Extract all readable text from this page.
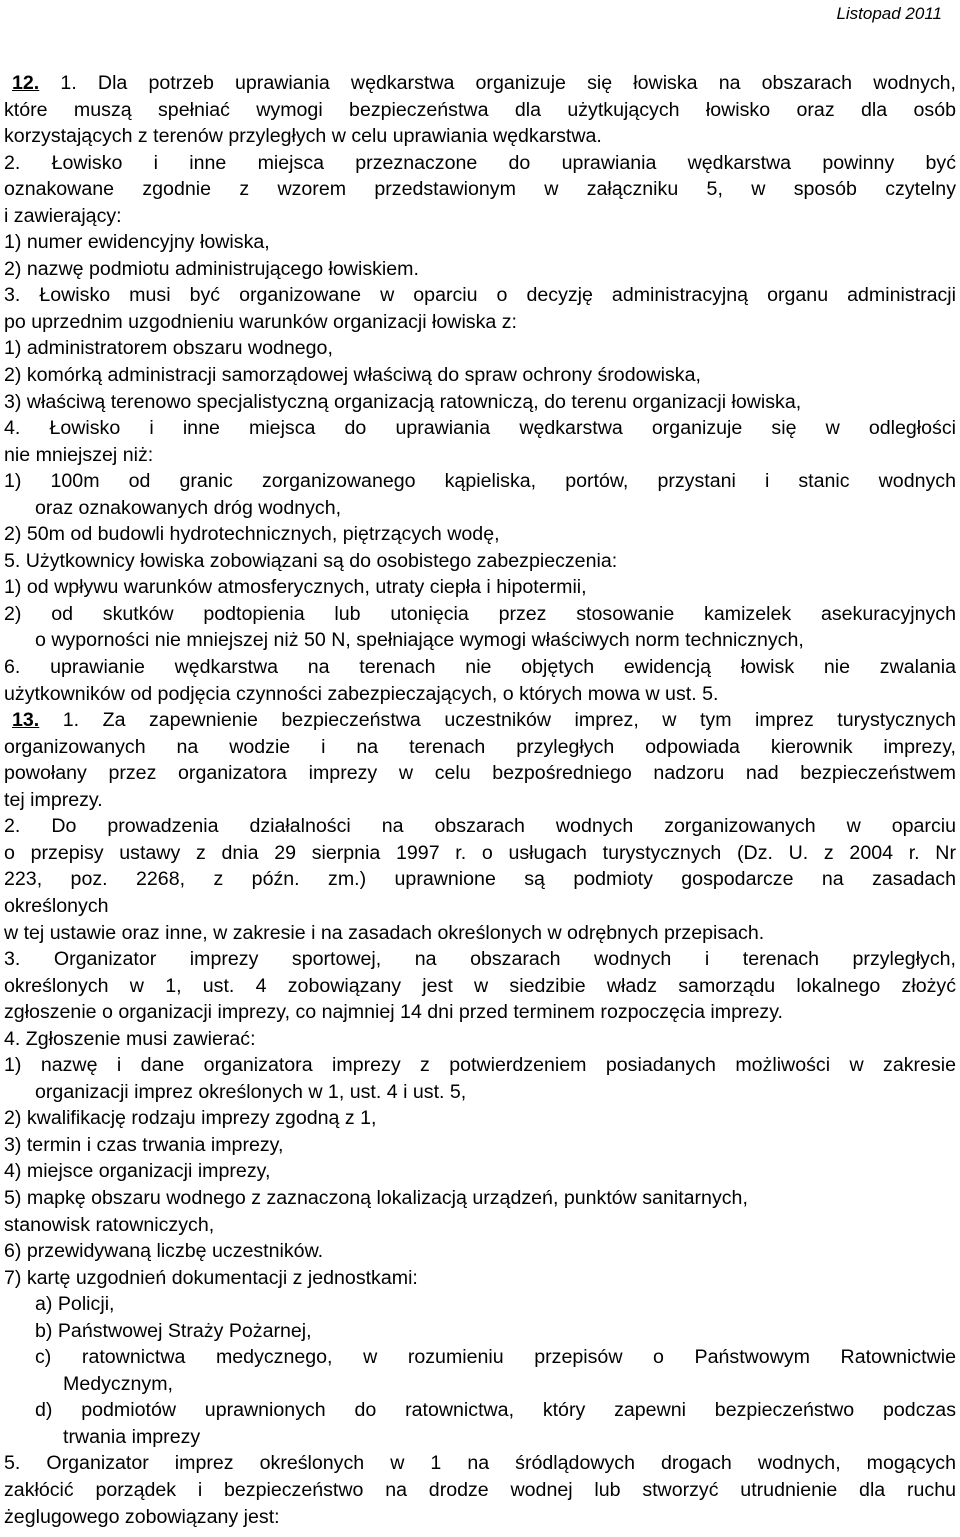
Listopad 2011
12. 1. Dla potrzeb uprawiania wędkarstwa organizuje się łowiska na obszarach wodnych,
które muszą spełniać wymogi bezpieczeństwa dla użytkujących łowisko oraz dla osób
korzystających z terenów przyległych w celu uprawiania wędkarstwa.
2. Łowisko i inne miejsca przeznaczone do uprawiania wędkarstwa powinny być
oznakowane zgodnie z wzorem przedstawionym w załączniku 5, w sposób czytelny
i zawierający:
1) numer ewidencyjny łowiska,
2) nazwę podmiotu administrującego łowiskiem.
3. Łowisko musi być organizowane w oparciu o decyzję administracyjną organu administracji
po uprzednim uzgodnieniu warunków organizacji łowiska z:
1) administratorem obszaru wodnego,
2) komórką administracji samorządowej właściwą do spraw ochrony środowiska,
3) właściwą terenowo specjalistyczną organizacją ratowniczą, do terenu organizacji łowiska,
4. Łowisko i inne miejsca do uprawiania wędkarstwa organizuje się w odległości
nie mniejszej niż:
1) 100m od granic zorganizowanego kąpieliska, portów, przystani i stanic wodnych
oraz oznakowanych dróg wodnych,
2) 50m od budowli hydrotechnicznych, piętrzących wodę,
5. Użytkownicy łowiska zobowiązani są do osobistego zabezpieczenia:
1) od wpływu warunków atmosferycznych, utraty ciepła i hipotermii,
2) od skutków podtopienia lub utonięcia przez stosowanie kamizelek asekuracyjnych
o wyporności nie mniejszej niż 50 N, spełniające wymogi właściwych norm technicznych,
6. uprawianie wędkarstwa na terenach nie objętych ewidencją łowisk nie zwalania
użytkowników od podjęcia czynności zabezpieczających, o których mowa w ust. 5.
13. 1. Za zapewnienie bezpieczeństwa uczestników imprez, w tym imprez turystycznych
organizowanych na wodzie i na terenach przyległych odpowiada kierownik imprezy,
powołany przez organizatora imprezy w celu bezpośredniego nadzoru nad bezpieczeństwem
tej imprezy.
2. Do prowadzenia działalności na obszarach wodnych zorganizowanych w oparciu
o przepisy ustawy z dnia 29 sierpnia 1997 r. o usługach turystycznych (Dz. U. z 2004 r. Nr
223, poz. 2268, z późn. zm.) uprawnione są podmioty gospodarcze na zasadach
określonych
w tej ustawie oraz inne, w zakresie i na zasadach określonych w odrębnych przepisach.
3. Organizator imprezy sportowej, na obszarach wodnych i terenach przyległych,
określonych w 1, ust. 4 zobowiązany jest w siedzibie władz samorządu lokalnego złożyć
zgłoszenie o organizacji imprezy, co najmniej 14 dni przed terminem rozpoczęcia imprezy.
4. Zgłoszenie musi zawierać:
1) nazwę i dane organizatora imprezy z potwierdzeniem posiadanych możliwości w zakresie
organizacji imprez określonych w 1, ust. 4 i ust. 5,
2) kwalifikację rodzaju imprezy zgodną z 1,
3) termin i czas trwania imprezy,
4) miejsce organizacji imprezy,
5) mapkę obszaru wodnego z zaznaczoną lokalizacją urządzeń, punktów sanitarnych,
stanowisk ratowniczych,
6) przewidywaną liczbę uczestników.
7) kartę uzgodnień dokumentacji z jednostkami:
a) Policji,
b) Państwowej Straży Pożarnej,
c) ratownictwa medycznego, w rozumieniu przepisów o Państwowym Ratownictwie
Medycznym,
d) podmiotów uprawnionych do ratownictwa, który zapewni bezpieczeństwo podczas
trwania imprezy
5. Organizator imprez określonych w 1 na śródlądowych drogach wodnych, mogących
zakłócić porządek i bezpieczeństwo na drodze wodnej lub stworzyć utrudnienie dla ruchu
żeglugowego zobowiązany jest:
